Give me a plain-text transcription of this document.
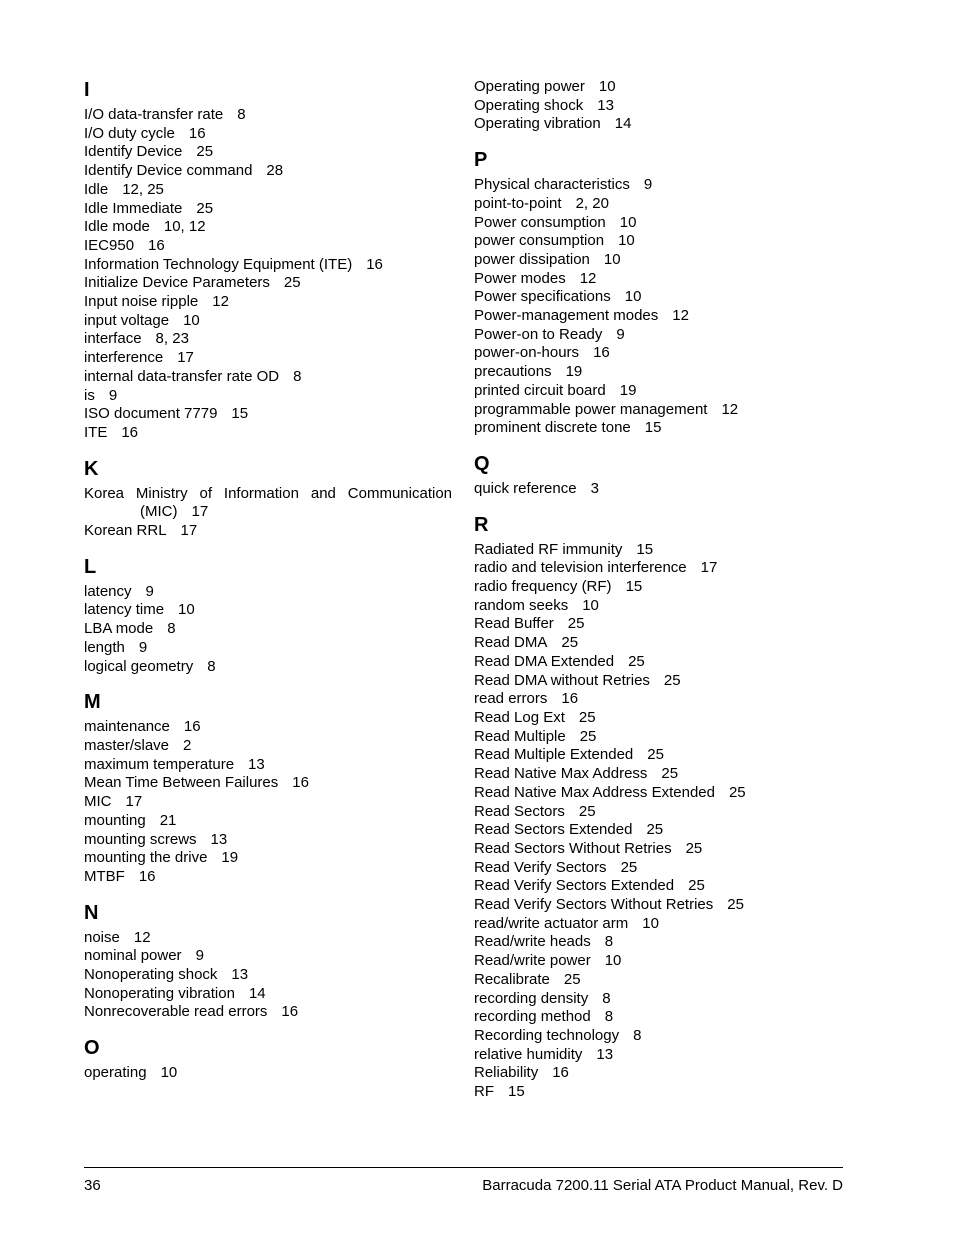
I
I/O data-transfer rate 8
I/O duty cycle 16
Identify Device 25
Identify Device command 28
Idle 12, 25
Idle Immediate 25
Idle mode 10, 12
IEC950 16
Information Technology Equipment (ITE) 16
Initialize Device Parameters 25
Input noise ripple 12
input voltage 10
interface 8, 23
interference 17
internal data-transfer rate OD 8
is 9
ISO document 7779 15
ITE 16
K
Korea Ministry of Information and Communication
(MIC) 17
Korean RRL 17
L
latency 9
latency time 10
LBA mode 8
length 9
logical geometry 8
M
maintenance 16
master/slave 2
maximum temperature 13
Mean Time Between Failures 16
MIC 17
mounting 21
mounting screws 13
mounting the drive 19
MTBF 16
N
noise 12
nominal power 9
Nonoperating shock 13
Nonoperating vibration 14
Nonrecoverable read errors 16
O
operating 10
Operating power 10
Operating shock 13
Operating vibration 14
P
Physical characteristics 9
point-to-point 2, 20
Power consumption 10
power consumption 10
power dissipation 10
Power modes 12
Power specifications 10
Power-management modes 12
Power-on to Ready 9
power-on-hours 16
precautions 19
printed circuit board 19
programmable power management 12
prominent discrete tone 15
Q
quick reference 3
R
Radiated RF immunity 15
radio and television interference 17
radio frequency (RF) 15
random seeks 10
Read Buffer 25
Read DMA 25
Read DMA Extended 25
Read DMA without Retries 25
read errors 16
Read Log Ext 25
Read Multiple 25
Read Multiple Extended 25
Read Native Max Address 25
Read Native Max Address Extended 25
Read Sectors 25
Read Sectors Extended 25
Read Sectors Without Retries 25
Read Verify Sectors 25
Read Verify Sectors Extended 25
Read Verify Sectors Without Retries 25
read/write actuator arm 10
Read/write heads 8
Read/write power 10
Recalibrate 25
recording density 8
recording method 8
Recording technology 8
relative humidity 13
Reliability 16
RF 15
36	Barracuda 7200.11 Serial ATA Product Manual, Rev. D
